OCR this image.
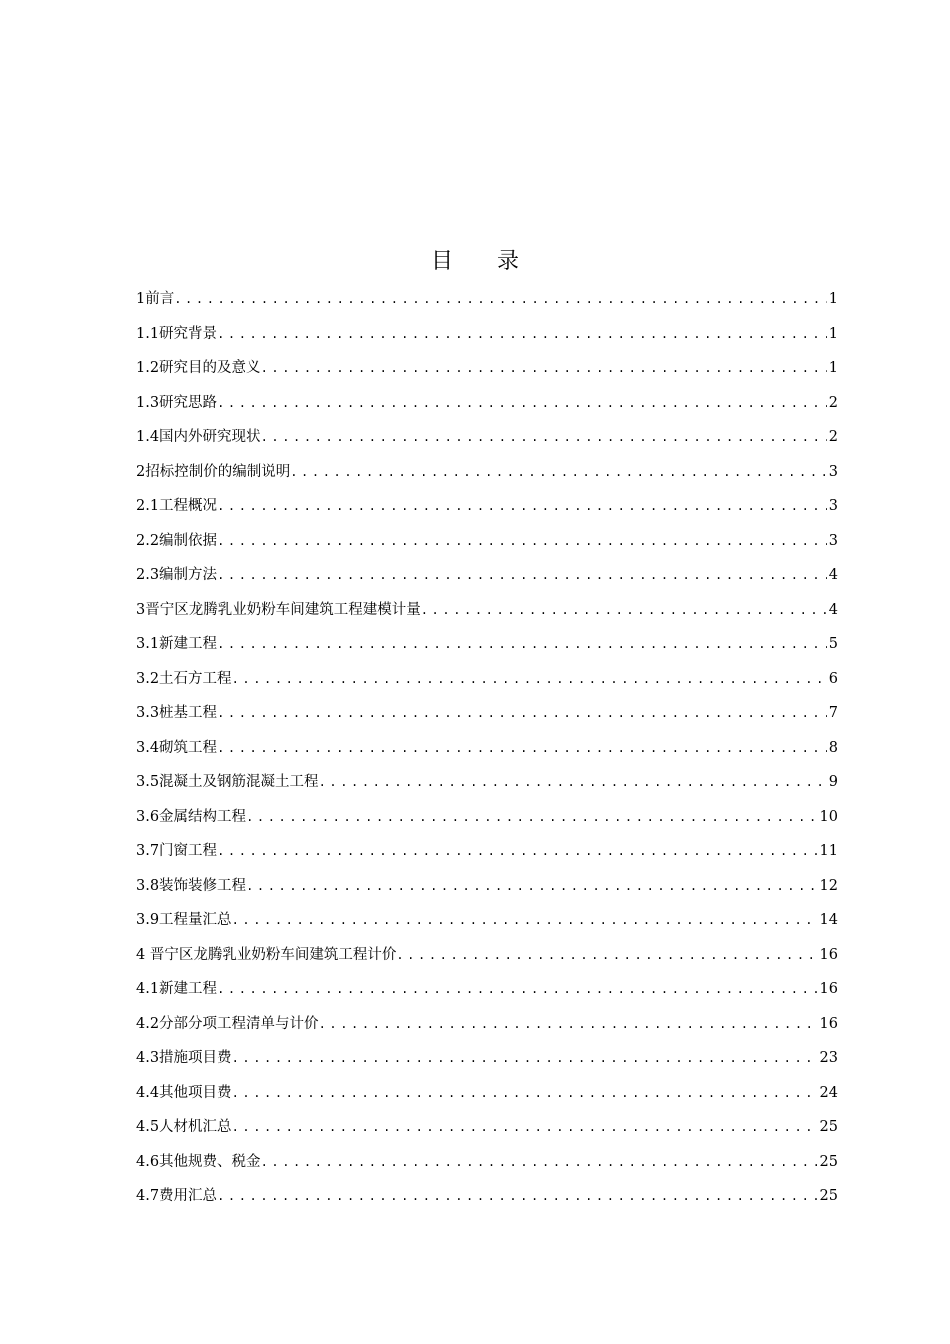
目 录
1前言 .....	1
1.1研究背景 .....	1
1.2研究目的及意义 .....	1
1.3研究思路 .....	2
1.4国内外研究现状 .....	2
2招标控制价的编制说明 .....	3
2.1工程概况 .....	3
2.2编制依据 .....	3
2.3编制方法 .....	4
3晋宁区龙腾乳业奶粉车间建筑工程建模计量 .....	4
3.1新建工程 .....	5
3.2土石方工程 .....	6
3.3桩基工程 .....	7
3.4砌筑工程 .....	8
3.5混凝土及钢筋混凝土工程 .....	9
3.6金属结构工程 .....	10
3.7门窗工程 .....	11
3.8装饰装修工程 .....	12
3.9工程量汇总 .....	14
4 晋宁区龙腾乳业奶粉车间建筑工程计价 .....	16
4.1新建工程 .....	16
4.2分部分项工程清单与计价 .....	16
4.3措施项目费 .....	23
4.4其他项目费 .....	24
4.5人材机汇总 .....	25
4.6其他规费、税金 .....	25
4.7费用汇总 .....	25
